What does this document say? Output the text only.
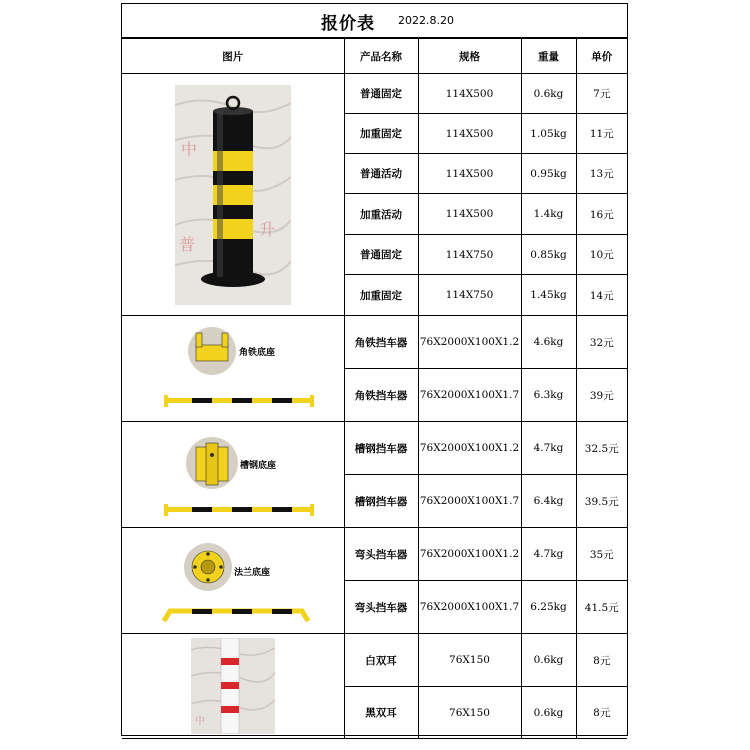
报价表 2022.8.20
图片	产品名称	规格	重量	单价

中
普
升	普通固定	114X500	0.6kg	7元
	加重固定	114X500	1.05kg	11元
	普通活动	114X500	0.95kg	13元
	加重活动	114X500	1.4kg	16元
	普通固定	114X750	0.85kg	10元
	加重固定	114X750	1.45kg	14元

角铁底座	角铁挡车器	76X2000X100X1.2	4.6kg	32元
	角铁挡车器	76X2000X100X1.7	6.3kg	39元

槽钢底座	槽钢挡车器	76X2000X100X1.2	4.7kg	32.5元
	槽钢挡车器	76X2000X100X1.7	6.4kg	39.5元

法兰底座	弯头挡车器	76X2000X100X1.2	4.7kg	35元
	弯头挡车器	76X2000X100X1.7	6.25kg	41.5元

中	白双耳	76X150	0.6kg	8元
	黑双耳	76X150	0.6kg	8元
